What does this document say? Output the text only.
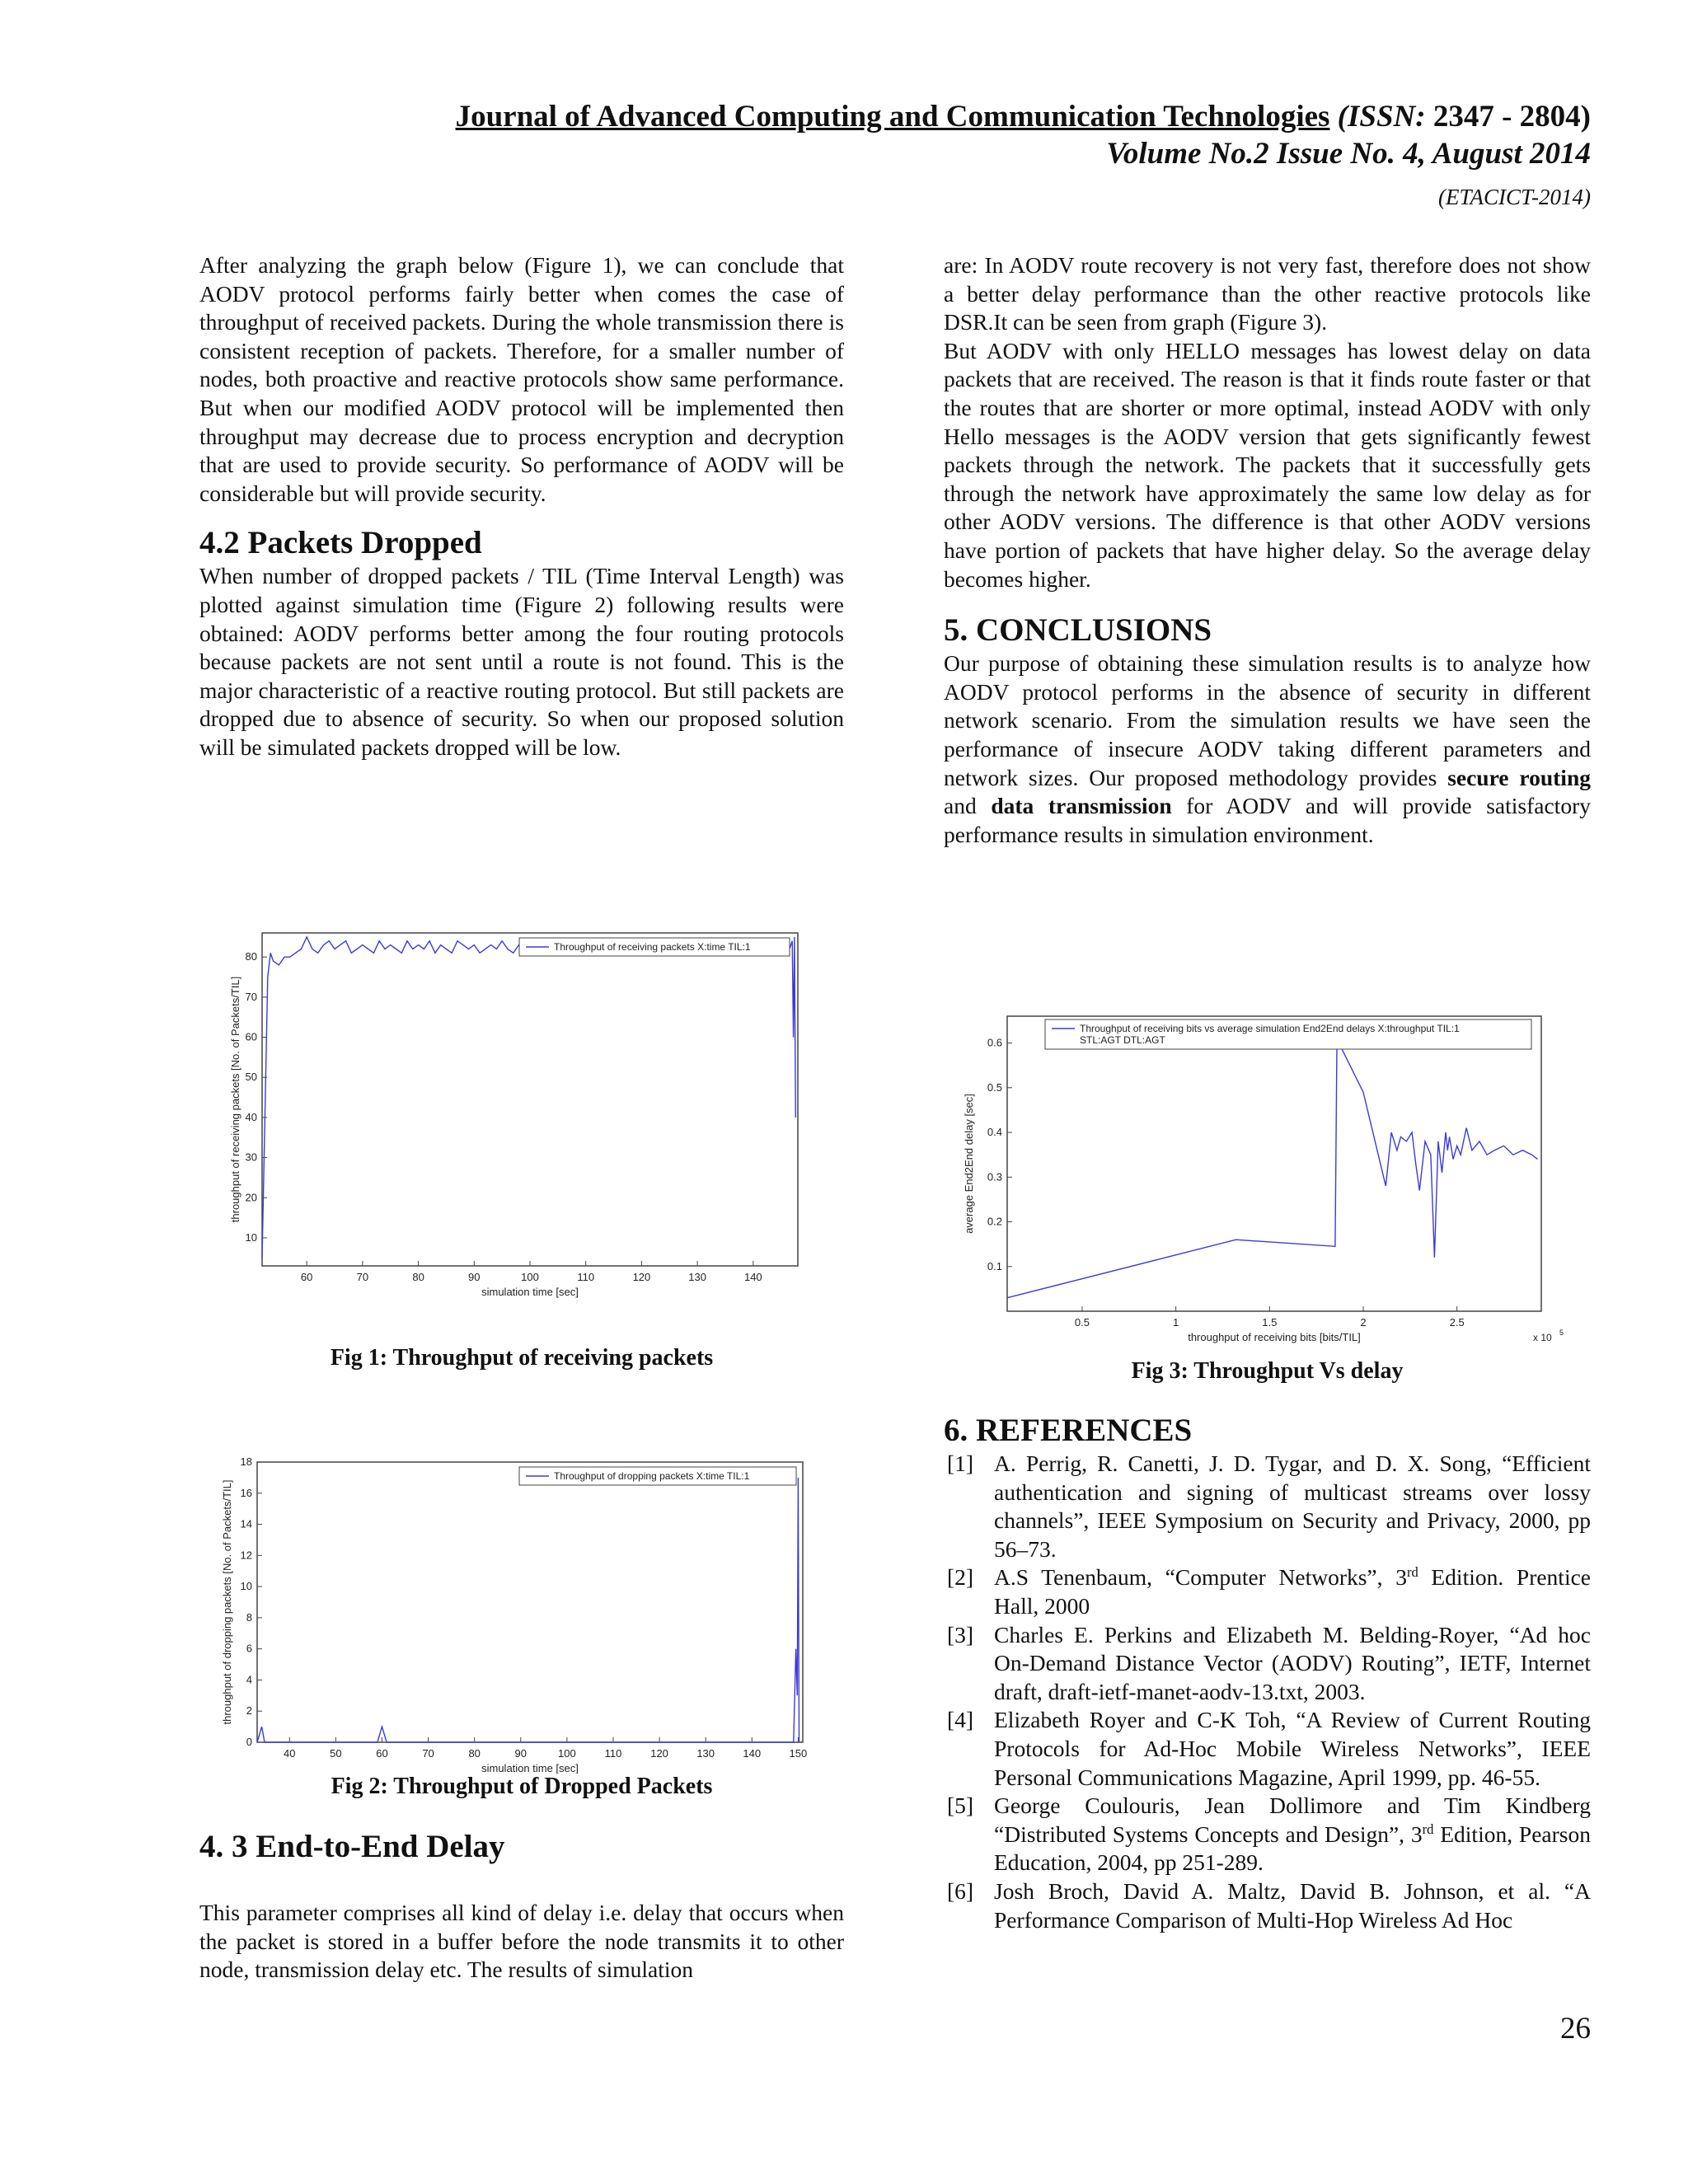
Journal of Advanced Computing and Communication Technologies (ISSN: 2347 - 2804)
Volume No.2 Issue No. 4, August 2014
(ETACICT-2014)

After analyzing the graph below (Figure 1), we can conclude that AODV protocol performs fairly better when comes the case of throughput of received packets. During the whole transmission there is consistent reception of packets. Therefore, for a smaller number of nodes, both proactive and reactive protocols show same performance. But when our modified AODV protocol will be implemented then throughput may decrease due to process encryption and decryption that are used to provide security. So performance of AODV will be considerable but will provide security.

4.2 Packets Dropped

When number of dropped packets / TIL (Time Interval Length) was plotted against simulation time (Figure 2) following results were obtained: AODV performs better among the four routing protocols because packets are not sent until a route is not found. This is the major characteristic of a reactive routing protocol. But still packets are dropped due to absence of security. So when our proposed solution will be simulated packets dropped will be low.

are: In AODV route recovery is not very fast, therefore does not show a better delay performance than the other reactive protocols like DSR.It can be seen from graph (Figure 3).

But AODV with only HELLO messages has lowest delay on data packets that are received. The reason is that it finds route faster or that the routes that are shorter or more optimal, instead AODV with only Hello messages is the AODV version that gets significantly fewest packets through the network. The packets that it successfully gets through the network have approximately the same low delay as for other AODV versions. The difference is that other AODV versions have portion of packets that have higher delay. So the average delay becomes higher.

5. CONCLUSIONS

Our purpose of obtaining these simulation results is to analyze how AODV protocol performs in the absence of security in different network scenario. From the simulation results we have seen the performance of insecure AODV taking different parameters and network sizes. Our proposed methodology provides secure routing and data transmission for AODV and will provide satisfactory performance results in simulation environment.

60	70	80	90	100	110	120	130	140
10
20
30
40
50
60
70
80
simulation time [sec]
throughput of receiving packets [No. of Packets/TIL]
Throughput of receiving packets X:time TIL:1
Fig 1: Throughput of receiving packets
0.5	1	1.5	2	2.5
0.1
0.2
0.3
0.4
0.5
0.6
throughput of receiving bits [bits/TIL]
average End2End delay [sec]
Throughput of receiving bits vs average simulation End2End delays X:throughput TIL:1
STL:AGT DTL:AGT
x 10 5
Fig 3: Throughput Vs delay
40	50	60	70	80	90	100	110	120	130	140	150
0
2
4
6
8
10
12
14
16
18
simulation time [sec]
throughput of dropping packets [No. of Packets/TIL]
Throughput of dropping packets X:time TIL:1
Fig 2: Throughput of Dropped Packets
4. 3 End-to-End Delay

This parameter comprises all kind of delay i.e. delay that occurs when the packet is stored in a buffer before the node transmits it to other node, transmission delay etc. The results of simulation

6. REFERENCES

[1] A. Perrig, R. Canetti, J. D. Tygar, and D. X. Song, “Efficient authentication and signing of multicast streams over lossy channels”, IEEE Symposium on Security and Privacy, 2000, pp 56–73.

[2] A.S Tenenbaum, “Computer Networks”, 3rd Edition. Prentice Hall, 2000

[3] Charles E. Perkins and Elizabeth M. Belding-Royer, “Ad hoc On-Demand Distance Vector (AODV) Routing”, IETF, Internet draft, draft-ietf-manet-aodv-13.txt, 2003.

[4] Elizabeth Royer and C-K Toh, “A Review of Current Routing Protocols for Ad-Hoc Mobile Wireless Networks”, IEEE Personal Communications Magazine, April 1999, pp. 46-55.

[5] George Coulouris, Jean Dollimore and Tim Kindberg “Distributed Systems Concepts and Design”, 3rd Edition, Pearson Education, 2004, pp 251-289.

[6] Josh Broch, David A. Maltz, David B. Johnson, et al. “A Performance Comparison of Multi-Hop Wireless Ad Hoc

26
